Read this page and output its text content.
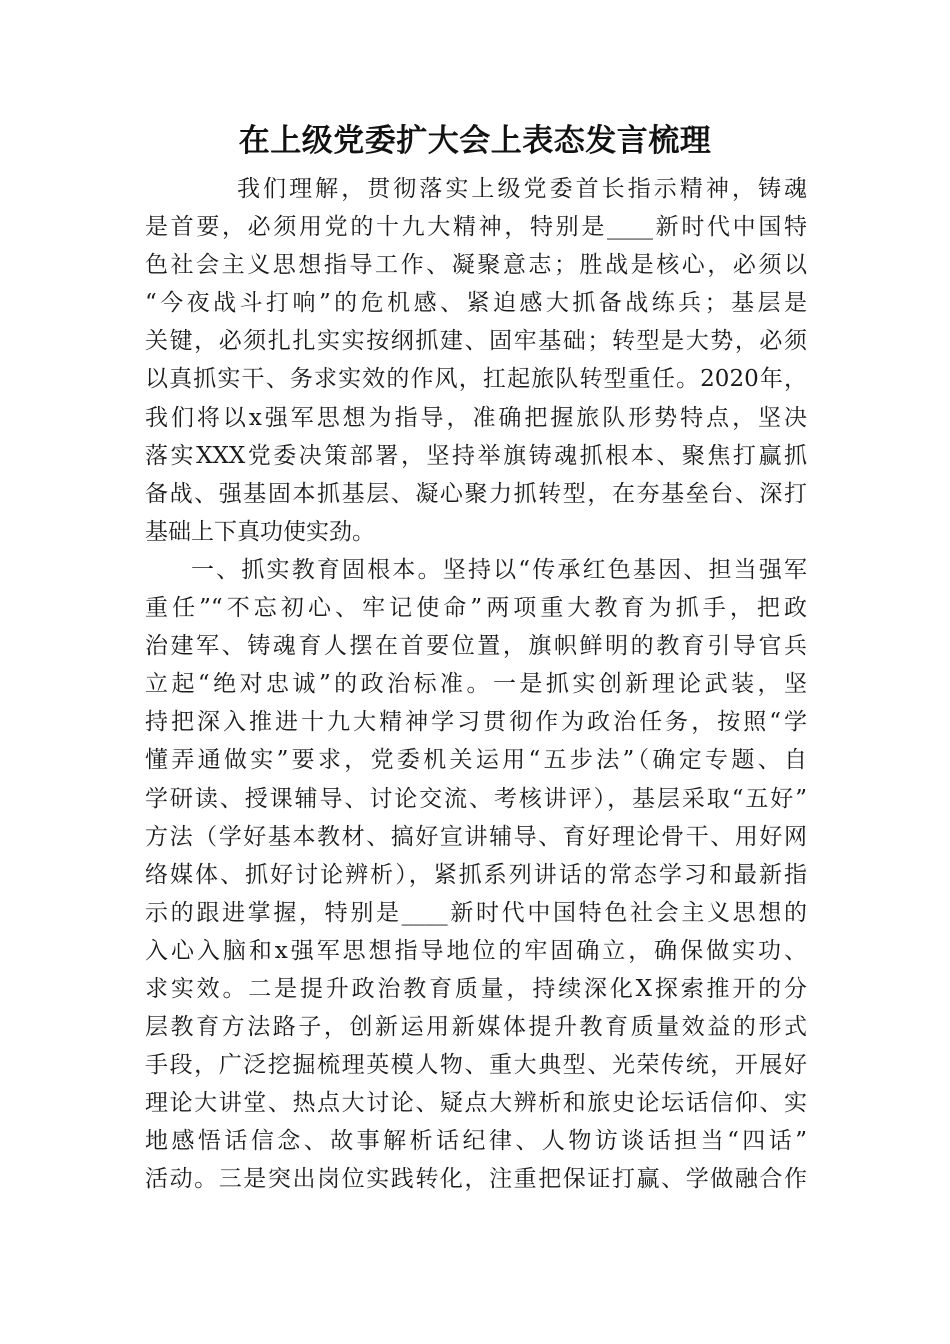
在上级党委扩大会上表态发言梳理
我们理解，贯彻落实上级党委首长指示精神，铸魂
是首要，必须用党的十九大精神，特别是____新时代中国特
色社会主义思想指导工作、凝聚意志；胜战是核心，必须以
“今夜战斗打响”的危机感、紧迫感大抓备战练兵；基层是
关键，必须扎扎实实按纲抓建、固牢基础；转型是大势，必须
以真抓实干、务求实效的作风，扛起旅队转型重任。2020年，
我们将以x强军思想为指导，准确把握旅队形势特点，坚决
落实XXX党委决策部署，坚持举旗铸魂抓根本、聚焦打赢抓
备战、强基固本抓基层、凝心聚力抓转型，在夯基垒台、深打
基础上下真功使实劲。
一、抓实教育固根本。坚持以“传承红色基因、担当强军
重任”“不忘初心、牢记使命”两项重大教育为抓手，把政
治建军、铸魂育人摆在首要位置，旗帜鲜明的教育引导官兵
立起“绝对忠诚”的政治标准。一是抓实创新理论武装，坚
持把深入推进十九大精神学习贯彻作为政治任务，按照“学
懂弄通做实”要求，党委机关运用“五步法”（确定专题、自
学研读、授课辅导、讨论交流、考核讲评），基层采取“五好”
方法（学好基本教材、搞好宣讲辅导、育好理论骨干、用好网
络媒体、抓好讨论辨析），紧抓系列讲话的常态学习和最新指
示的跟进掌握，特别是____新时代中国特色社会主义思想的
入心入脑和x强军思想指导地位的牢固确立，确保做实功、
求实效。二是提升政治教育质量，持续深化X探索推开的分
层教育方法路子，创新运用新媒体提升教育质量效益的形式
手段，广泛挖掘梳理英模人物、重大典型、光荣传统，开展好
理论大讲堂、热点大讨论、疑点大辨析和旅史论坛话信仰、实
地感悟话信念、故事解析话纪律、人物访谈话担当“四话”
活动。三是突出岗位实践转化，注重把保证打赢、学做融合作
